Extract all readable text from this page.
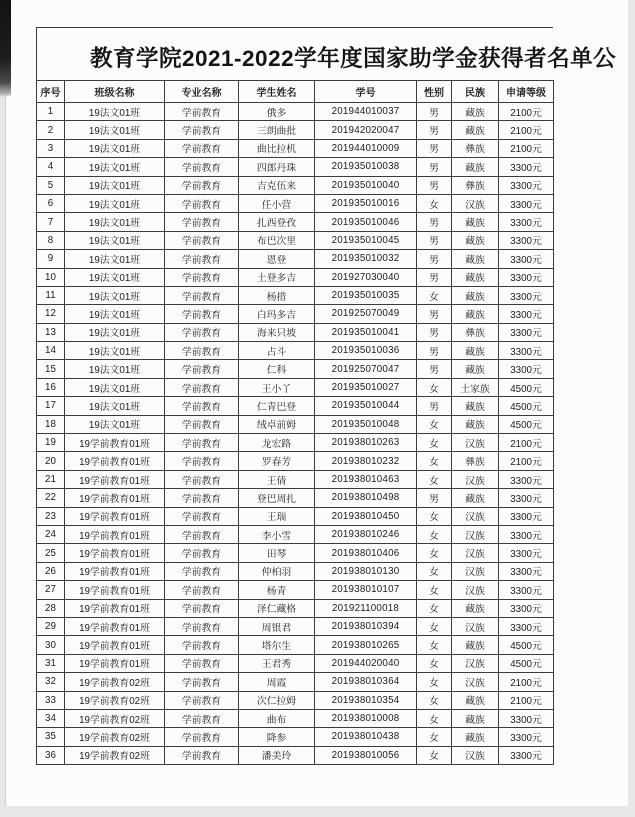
教育学院2021-2022学年度国家助学金获得者名单公
序号	班级名称	专业名称	学生姓名	学号	性别	民族	申请等级
1	19法文01班	学前教育	俄多	201944010037	男	藏族	2100元
2	19法文01班	学前教育	三朗曲批	201942020047	男	藏族	2100元
3	19法文01班	学前教育	曲比拉机	201944010009	男	彝族	2100元
4	19法文01班	学前教育	四郎丹珠	201935010038	男	藏族	3300元
5	19法文01班	学前教育	吉克伍来	201935010040	男	彝族	3300元
6	19法文01班	学前教育	任小营	201935010016	女	汉族	3300元
7	19法文01班	学前教育	扎西登孜	201935010046	男	藏族	3300元
8	19法文01班	学前教育	布巴次里	201935010045	男	藏族	3300元
9	19法文01班	学前教育	恩登	201935010032	男	藏族	3300元
10	19法文01班	学前教育	土登多吉	201927030040	男	藏族	3300元
11	19法文01班	学前教育	杨措	201935010035	女	藏族	3300元
12	19法文01班	学前教育	白玛多吉	201925070049	男	藏族	3300元
13	19法文01班	学前教育	海来只坡	201935010041	男	彝族	3300元
14	19法文01班	学前教育	占斗	201935010036	男	藏族	3300元
15	19法文01班	学前教育	仁科	201925070047	男	藏族	3300元
16	19法文01班	学前教育	王小丫	201935010027	女	土家族	4500元
17	19法文01班	学前教育	仁青巴登	201935010044	男	藏族	4500元
18	19法文01班	学前教育	绒卓前姆	201935010048	女	藏族	4500元
19	19学前教育01班	学前教育	龙宏路	201938010263	女	汉族	2100元
20	19学前教育01班	学前教育	罗春芳	201938010232	女	彝族	2100元
21	19学前教育01班	学前教育	王倩	201938010463	女	汉族	3300元
22	19学前教育01班	学前教育	登巴周扎	201938010498	男	藏族	3300元
23	19学前教育01班	学前教育	王瑞	201938010450	女	汉族	3300元
24	19学前教育01班	学前教育	李小雪	201938010246	女	汉族	3300元
25	19学前教育01班	学前教育	田琴	201938010406	女	汉族	3300元
26	19学前教育01班	学前教育	仲柏羽	201938010130	女	汉族	3300元
27	19学前教育01班	学前教育	杨青	201938010107	女	汉族	3300元
28	19学前教育01班	学前教育	泽仁藏格	201921100018	女	藏族	3300元
29	19学前教育01班	学前教育	周银君	201938010394	女	汉族	3300元
30	19学前教育01班	学前教育	塔尔生	201938010265	女	藏族	4500元
31	19学前教育01班	学前教育	王君秀	201944020040	女	汉族	4500元
32	19学前教育02班	学前教育	周霞	201938010364	女	汉族	2100元
33	19学前教育02班	学前教育	次仁拉姆	201938010354	女	藏族	2100元
34	19学前教育02班	学前教育	曲布	201938010008	女	藏族	3300元
35	19学前教育02班	学前教育	降参	201938010438	女	藏族	3300元
36	19学前教育02班	学前教育	潘美玲	201938010056	女	汉族	3300元
